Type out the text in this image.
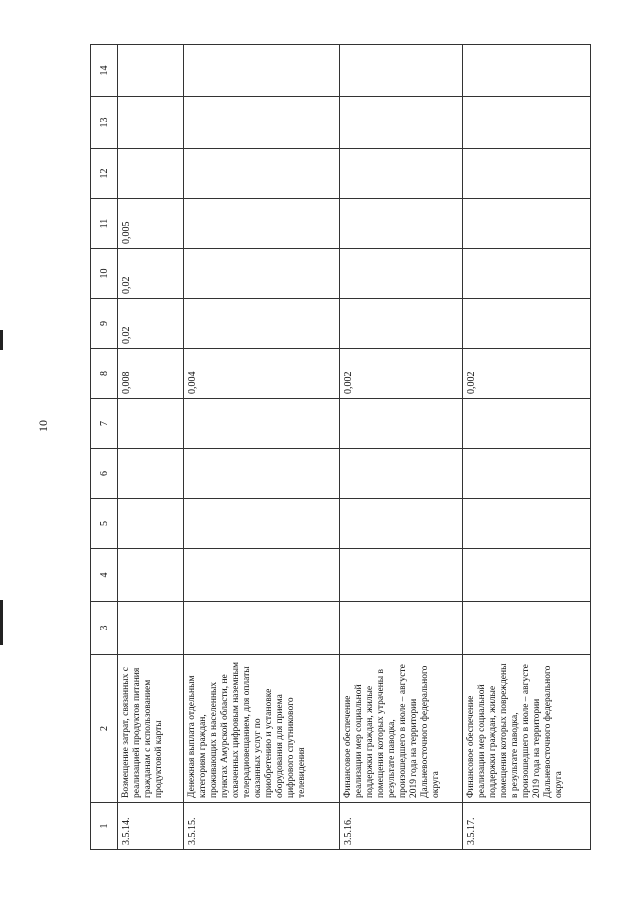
10
1	2	3	4	5	6	7	8	9	10	11	12	13	14
3.5.14.	Возмещение затрат, связанных с реализацией продуктов питания гражданам с использованием продуктовой карты						0,008	0,02	0,02	0,005			
3.5.15.	Денежная выплата отдельным категориям граждан, проживающих в населенных пунктах Амурской области, не охваченных цифровым наземным телерадиовещанием, для оплаты оказанных услуг по приобретению и установке оборудования для приема цифрового спутникового телевидения						0,004						
3.5.16.	Финансовое обеспечение реализации мер социальной поддержки граждан, жилые помещения которых утрачены в результате паводка, произошедшего в июле – августе 2019 года на территории Дальневосточного федерального округа						0,002						
3.5.17.	Финансовое обеспечение реализации мер социальной поддержки граждан, жилые помещения которых повреждены в результате паводка, произошедшего в июле – августе 2019 года на территории Дальневосточного федерального округа						0,002						
